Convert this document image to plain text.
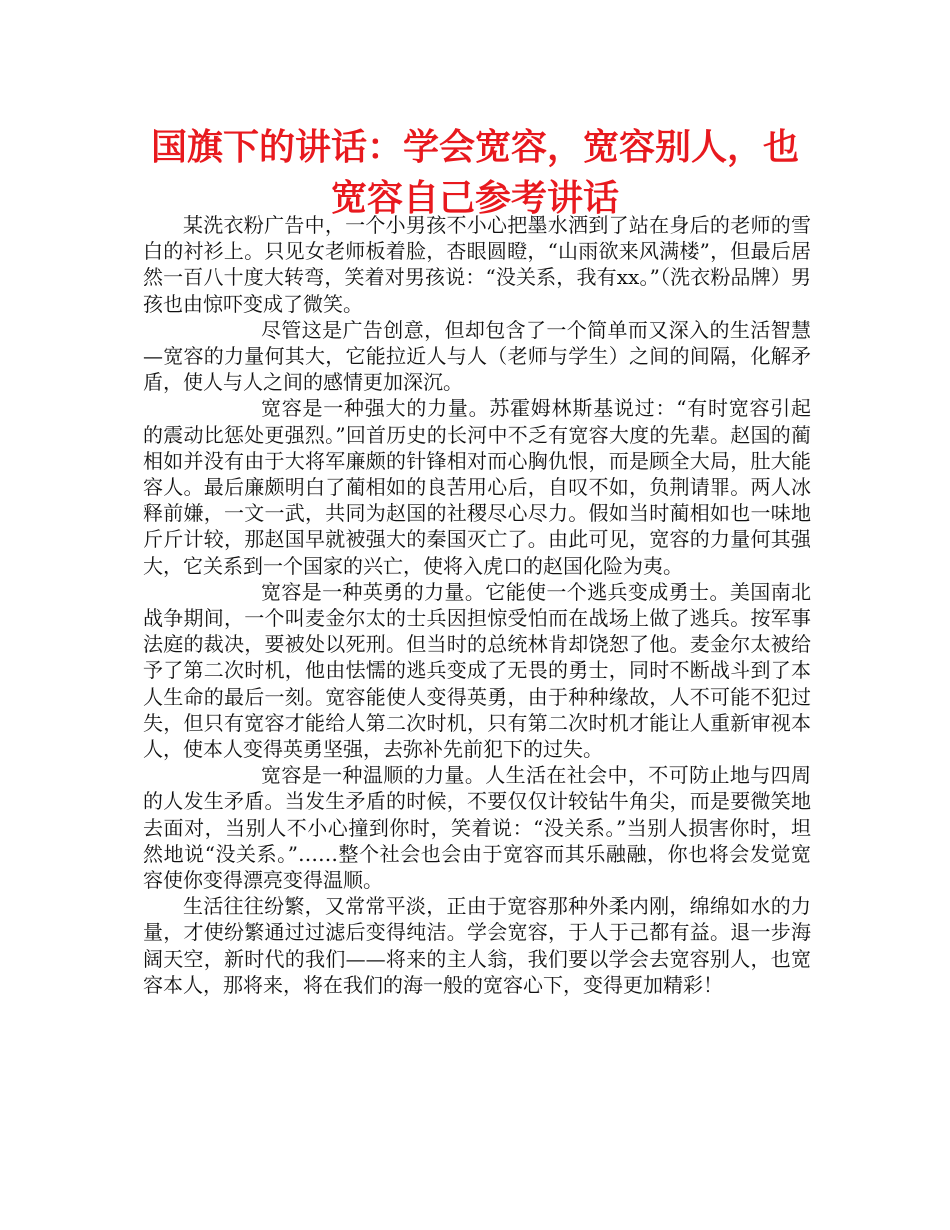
国旗下的讲话：学会宽容，宽容别人，也
宽容自己参考讲话

某洗衣粉广告中，一个小男孩不小心把墨水洒到了站在身后的老师的雪白的衬衫上。只见女老师板着脸，杏眼圆瞪，“山雨欲来风满楼”，但最后居然一百八十度大转弯，笑着对男孩说：“没关系，我有xx。”（洗衣粉品牌）男孩也由惊吓变成了微笑。

尽管这是广告创意，但却包含了一个简单而又深入的生活智慧—宽容的力量何其大，它能拉近人与人（老师与学生）之间的间隔，化解矛盾，使人与人之间的感情更加深沉。

宽容是一种强大的力量。苏霍姆林斯基说过：“有时宽容引起的震动比惩处更强烈。”回首历史的长河中不乏有宽容大度的先辈。赵国的蔺相如并没有由于大将军廉颇的针锋相对而心胸仇恨，而是顾全大局，肚大能容人。最后廉颇明白了蔺相如的良苦用心后，自叹不如，负荆请罪。两人冰释前嫌，一文一武，共同为赵国的社稷尽心尽力。假如当时蔺相如也一味地斤斤计较，那赵国早就被强大的秦国灭亡了。由此可见，宽容的力量何其强大，它关系到一个国家的兴亡，使将入虎口的赵国化险为夷。

宽容是一种英勇的力量。它能使一个逃兵变成勇士。美国南北战争期间，一个叫麦金尔太的士兵因担惊受怕而在战场上做了逃兵。按军事法庭的裁决，要被处以死刑。但当时的总统林肯却饶恕了他。麦金尔太被给予了第二次时机，他由怯懦的逃兵变成了无畏的勇士，同时不断战斗到了本人生命的最后一刻。宽容能使人变得英勇，由于种种缘故，人不可能不犯过失，但只有宽容才能给人第二次时机，只有第二次时机才能让人重新审视本人，使本人变得英勇坚强，去弥补先前犯下的过失。

宽容是一种温顺的力量。人生活在社会中，不可防止地与四周的人发生矛盾。当发生矛盾的时候，不要仅仅计较钻牛角尖，而是要微笑地去面对，当别人不小心撞到你时，笑着说：“没关系。”当别人损害你时，坦然地说“没关系。”……整个社会也会由于宽容而其乐融融，你也将会发觉宽容使你变得漂亮变得温顺。

生活往往纷繁，又常常平淡，正由于宽容那种外柔内刚，绵绵如水的力量，才使纷繁通过过滤后变得纯洁。学会宽容，于人于己都有益。退一步海阔天空，新时代的我们——将来的主人翁，我们要以学会去宽容别人，也宽容本人，那将来，将在我们的海一般的宽容心下，变得更加精彩！
